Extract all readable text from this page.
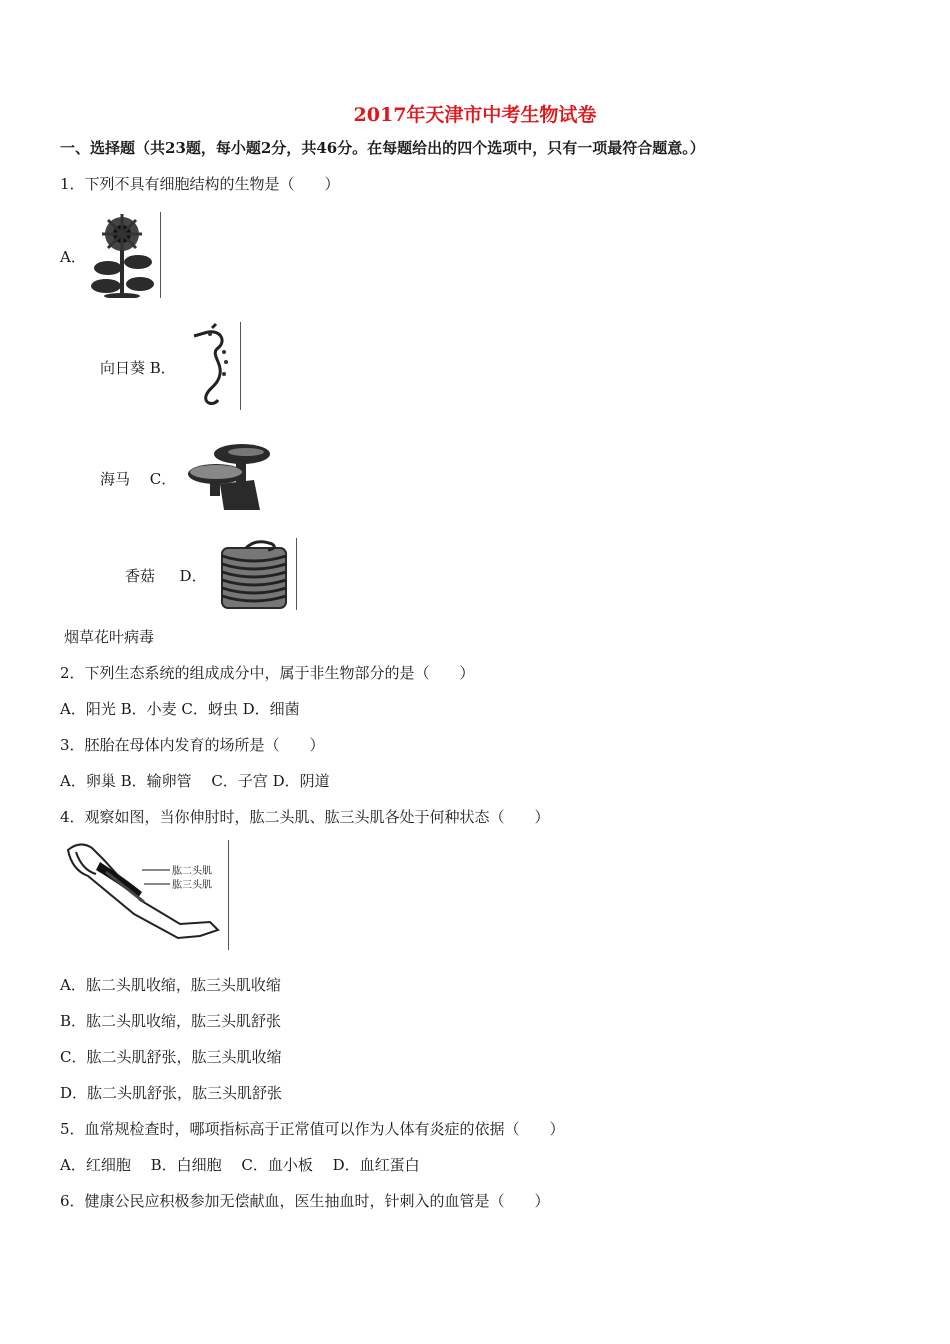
2017年天津市中考生物试卷
一、选择题（共23题，每小题2分，共46分。在每题给出的四个选项中，只有一项最符合题意。）
1．下列不具有细胞结构的生物是（　　）
A．
向日葵 B．
海马　 C．
香菇 　 D．
烟草花叶病毒
2．下列生态系统的组成成分中，属于非生物部分的是（　　）
A．阳光 B．小麦 C．蚜虫 D．细菌
3．胚胎在母体内发育的场所是（　　）
A．卵巢 B．输卵管 　C．子宫 D．阴道
4．观察如图，当你伸肘时，肱二头肌、肱三头肌各处于何种状态（　　）
肱二头肌
肱三头肌
A．肱二头肌收缩，肱三头肌收缩
B．肱二头肌收缩，肱三头肌舒张
C．肱二头肌舒张，肱三头肌收缩
D．肱二头肌舒张，肱三头肌舒张
5．血常规检查时，哪项指标高于正常值可以作为人体有炎症的依据（　　）
A．红细胞　 B．白细胞　 C．血小板　 D．血红蛋白
6．健康公民应积极参加无偿献血，医生抽血时，针刺入的血管是（　　）
